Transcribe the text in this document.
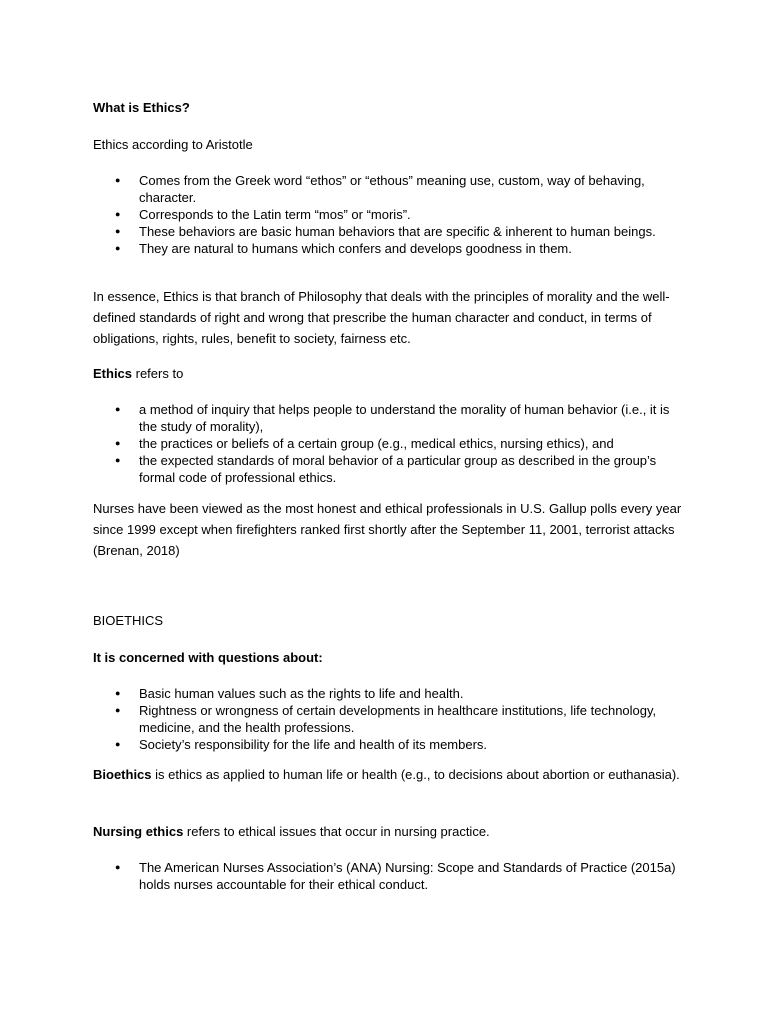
What is Ethics?

Ethics according to Aristotle

● Comes from the Greek word “ethos” or “ethous” meaning use, custom, way of behaving, character.
● Corresponds to the Latin term “mos” or “moris”.
● These behaviors are basic human behaviors that are specific & inherent to human beings.
● They are natural to humans which confers and develops goodness in them.

In essence, Ethics is that branch of Philosophy that deals with the principles of morality and the well-defined standards of right and wrong that prescribe the human character and conduct, in terms of obligations, rights, rules, benefit to society, fairness etc.

Ethics refers to

● a method of inquiry that helps people to understand the morality of human behavior (i.e., it is the study of morality),
● the practices or beliefs of a certain group (e.g., medical ethics, nursing ethics), and
● the expected standards of moral behavior of a particular group as described in the group’s formal code of professional ethics.

Nurses have been viewed as the most honest and ethical professionals in U.S. Gallup polls every year since 1999 except when firefighters ranked first shortly after the September 11, 2001, terrorist attacks (Brenan, 2018)

BIOETHICS

It is concerned with questions about:

● Basic human values such as the rights to life and health.
● Rightness or wrongness of certain developments in healthcare institutions, life technology, medicine, and the health professions.
● Society’s responsibility for the life and health of its members.

Bioethics is ethics as applied to human life or health (e.g., to decisions about abortion or euthanasia).

Nursing ethics refers to ethical issues that occur in nursing practice.

● The American Nurses Association’s (ANA) Nursing: Scope and Standards of Practice (2015a) holds nurses accountable for their ethical conduct.
